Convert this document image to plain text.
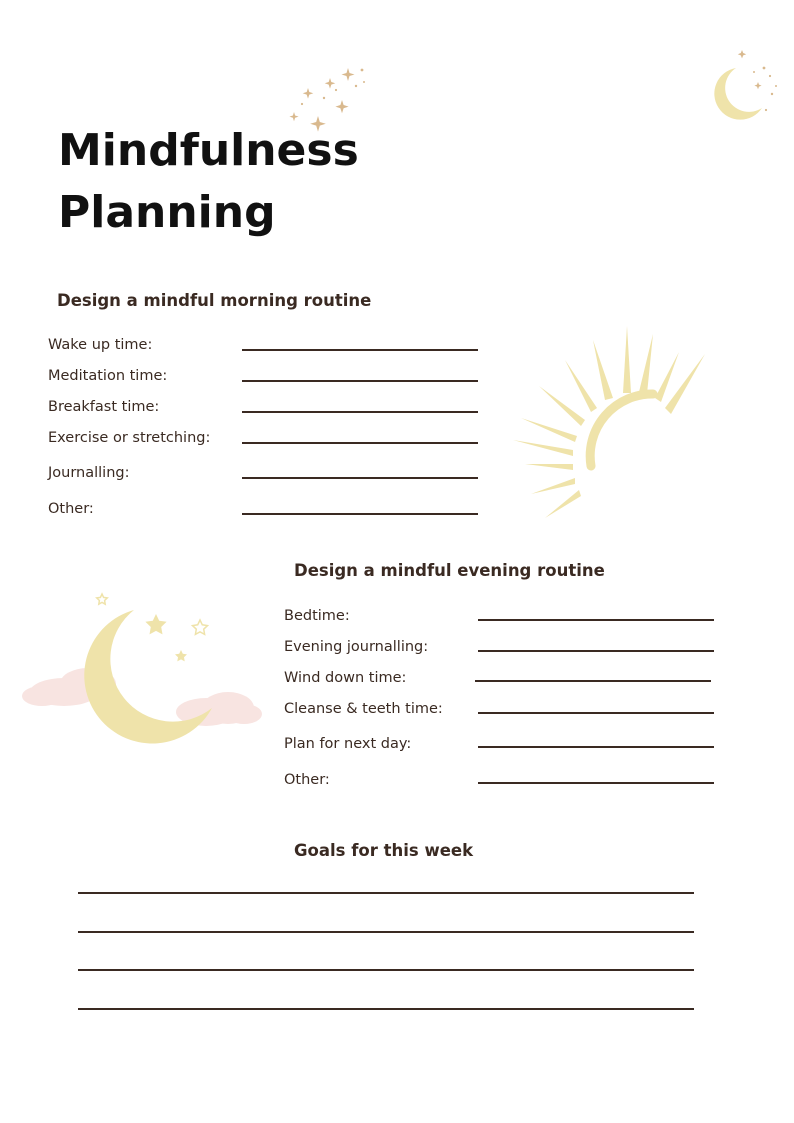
Mindfulness
Planning
Design a mindful morning routine
Wake up time:
Meditation time:
Breakfast time:
Exercise or stretching:
Journalling:
Other:
Design a mindful evening routine
Bedtime:
Evening journalling:
Wind down time:
Cleanse & teeth time:
Plan for next day:
Other:
Goals for this week
